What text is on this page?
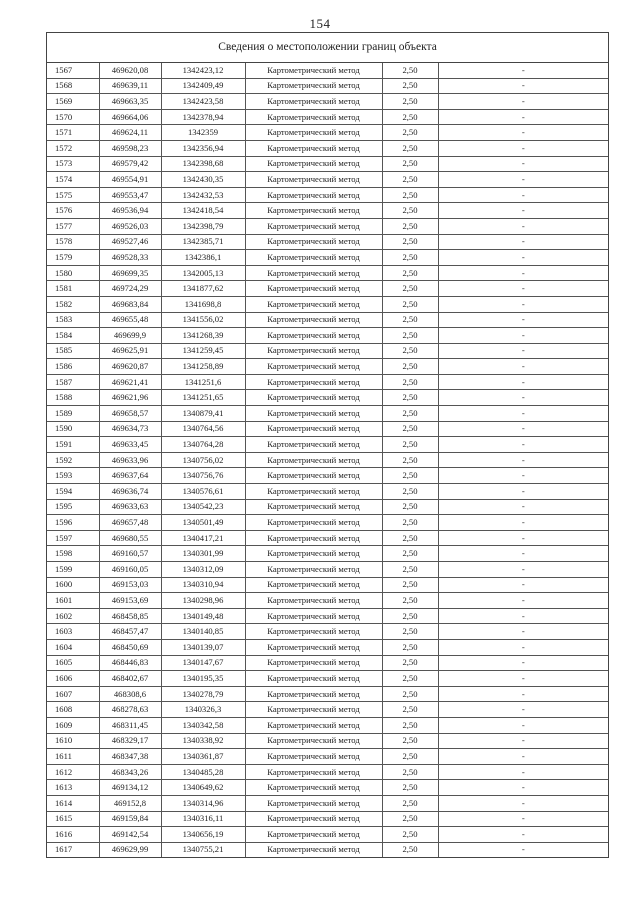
154
Сведения о местоположении границ объекта
1567	469620,08	1342423,12	Картометрический метод	2,50	-
1568	469639,11	1342409,49	Картометрический метод	2,50	-
1569	469663,35	1342423,58	Картометрический метод	2,50	-
1570	469664,06	1342378,94	Картометрический метод	2,50	-
1571	469624,11	1342359	Картометрический метод	2,50	-
1572	469598,23	1342356,94	Картометрический метод	2,50	-
1573	469579,42	1342398,68	Картометрический метод	2,50	-
1574	469554,91	1342430,35	Картометрический метод	2,50	-
1575	469553,47	1342432,53	Картометрический метод	2,50	-
1576	469536,94	1342418,54	Картометрический метод	2,50	-
1577	469526,03	1342398,79	Картометрический метод	2,50	-
1578	469527,46	1342385,71	Картометрический метод	2,50	-
1579	469528,33	1342386,1	Картометрический метод	2,50	-
1580	469699,35	1342005,13	Картометрический метод	2,50	-
1581	469724,29	1341877,62	Картометрический метод	2,50	-
1582	469683,84	1341698,8	Картометрический метод	2,50	-
1583	469655,48	1341556,02	Картометрический метод	2,50	-
1584	469699,9	1341268,39	Картометрический метод	2,50	-
1585	469625,91	1341259,45	Картометрический метод	2,50	-
1586	469620,87	1341258,89	Картометрический метод	2,50	-
1587	469621,41	1341251,6	Картометрический метод	2,50	-
1588	469621,96	1341251,65	Картометрический метод	2,50	-
1589	469658,57	1340879,41	Картометрический метод	2,50	-
1590	469634,73	1340764,56	Картометрический метод	2,50	-
1591	469633,45	1340764,28	Картометрический метод	2,50	-
1592	469633,96	1340756,02	Картометрический метод	2,50	-
1593	469637,64	1340756,76	Картометрический метод	2,50	-
1594	469636,74	1340576,61	Картометрический метод	2,50	-
1595	469633,63	1340542,23	Картометрический метод	2,50	-
1596	469657,48	1340501,49	Картометрический метод	2,50	-
1597	469680,55	1340417,21	Картометрический метод	2,50	-
1598	469160,57	1340301,99	Картометрический метод	2,50	-
1599	469160,05	1340312,09	Картометрический метод	2,50	-
1600	469153,03	1340310,94	Картометрический метод	2,50	-
1601	469153,69	1340298,96	Картометрический метод	2,50	-
1602	468458,85	1340149,48	Картометрический метод	2,50	-
1603	468457,47	1340140,85	Картометрический метод	2,50	-
1604	468450,69	1340139,07	Картометрический метод	2,50	-
1605	468446,83	1340147,67	Картометрический метод	2,50	-
1606	468402,67	1340195,35	Картометрический метод	2,50	-
1607	468308,6	1340278,79	Картометрический метод	2,50	-
1608	468278,63	1340326,3	Картометрический метод	2,50	-
1609	468311,45	1340342,58	Картометрический метод	2,50	-
1610	468329,17	1340338,92	Картометрический метод	2,50	-
1611	468347,38	1340361,87	Картометрический метод	2,50	-
1612	468343,26	1340485,28	Картометрический метод	2,50	-
1613	469134,12	1340649,62	Картометрический метод	2,50	-
1614	469152,8	1340314,96	Картометрический метод	2,50	-
1615	469159,84	1340316,11	Картометрический метод	2,50	-
1616	469142,54	1340656,19	Картометрический метод	2,50	-
1617	469629,99	1340755,21	Картометрический метод	2,50	-
